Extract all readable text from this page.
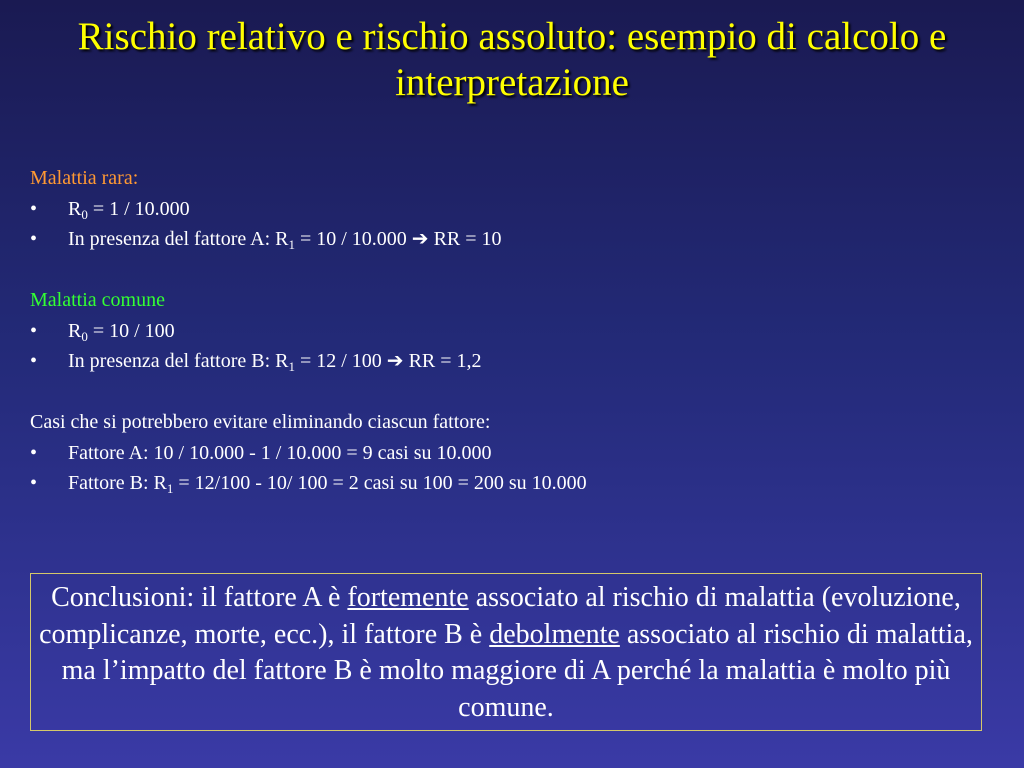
Rischio relativo e rischio assoluto: esempio di calcolo e interpretazione
Malattia rara:
• $R_0 = 1 / 10.000$
• In presenza del fattore A: $R_1 = 10 / 10.000$ ➔ RR = 10
Malattia comune
• $R_0 = 10 / 100$
• In presenza del fattore B: $R_1 = 12 / 100$ ➔ RR = 1,2
Casi che si potrebbero evitare eliminando ciascun fattore:
• Fattore A: 10 / 10.000 - 1 / 10.000 = 9 casi su 10.000
• Fattore B: $R_1 = 12/100 - 10/$ 100 = 2 casi su 100 = 200 su 10.000
Conclusioni: il fattore A è fortemente associato al rischio di malattia (evoluzione, complicanze, morte, ecc.), il fattore B è debolmente associato al rischio di malattia, ma l’impatto del fattore B è molto maggiore di A perché la malattia è molto più comune.
